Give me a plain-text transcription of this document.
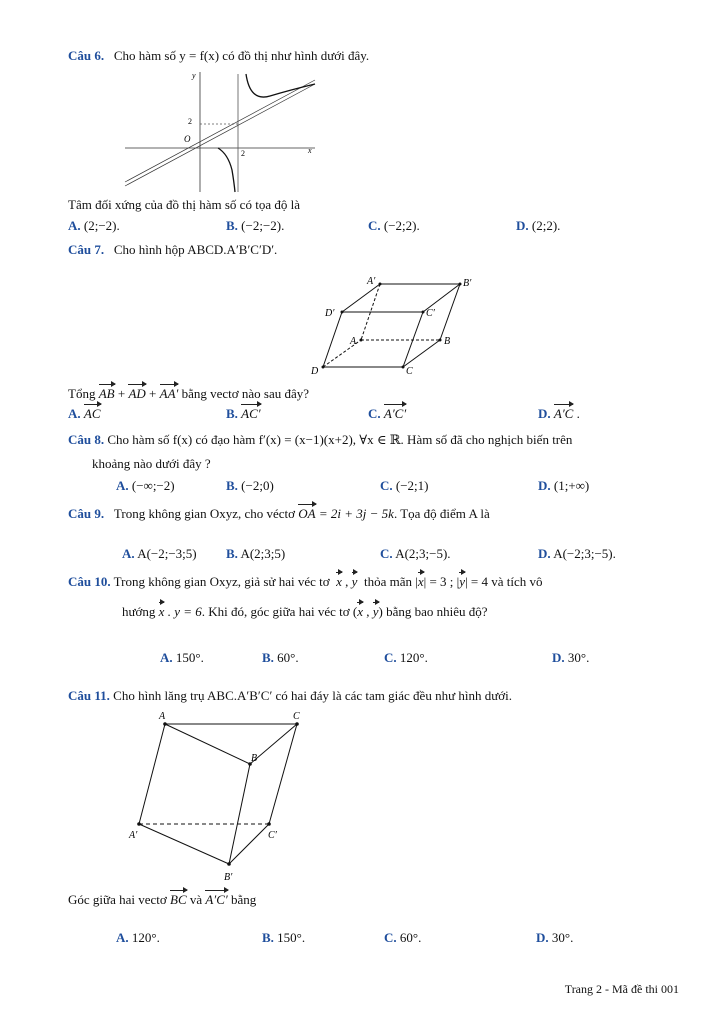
Câu 6. Cho hàm số y = f(x) có đồ thị như hình dưới đây.
y
x
O
2
2
Tâm đối xứng của đồ thị hàm số có tọa độ là
A. (2;−2).	B. (−2;−2).	C. (−2;2).	D. (2;2).
Câu 7. Cho hình hộp ABCD.A′B′C′D′.
A′	B′
D′	C′
A	B
D	C
Tổng AB + AD + AA′ bằng vectơ nào sau đây?
A. AC	B. AC′	C. A′C′	D. A′C .
Câu 8. Cho hàm số f(x) có đạo hàm f′(x) = (x−1)(x+2), ∀x ∈ ℝ. Hàm số đã cho nghịch biến trên
khoảng nào dưới đây ?
A. (−∞;−2)	B. (−2;0)	C. (−2;1)	D. (1;+∞)
Câu 9. Trong không gian Oxyz, cho véctơ OA = 2i + 3j − 5k. Tọa độ điểm A là
A. A(−2;−3;5) B. A(2;3;5)	C. A(2;3;−5).	D. A(−2;3;−5).
Câu 10. Trong không gian Oxyz, giả sử hai véc tơ x , y thỏa mãn |x| = 3 ; |y| = 4 và tích vô
hướng x . y = 6. Khi đó, góc giữa hai véc tơ (x , y) bằng bao nhiêu độ?
A. 150°.	B. 60°.	C. 120°.	D. 30°.
Câu 11. Cho hình lăng trụ ABC.A′B′C′ có hai đáy là các tam giác đều như hình dưới.
A	C
B
A′	C′
B′
Góc giữa hai vectơ BC và A′C′ bằng
A. 120°.	B. 150°.	C. 60°.	D. 30°.
Trang 2 - Mã đề thi 001
